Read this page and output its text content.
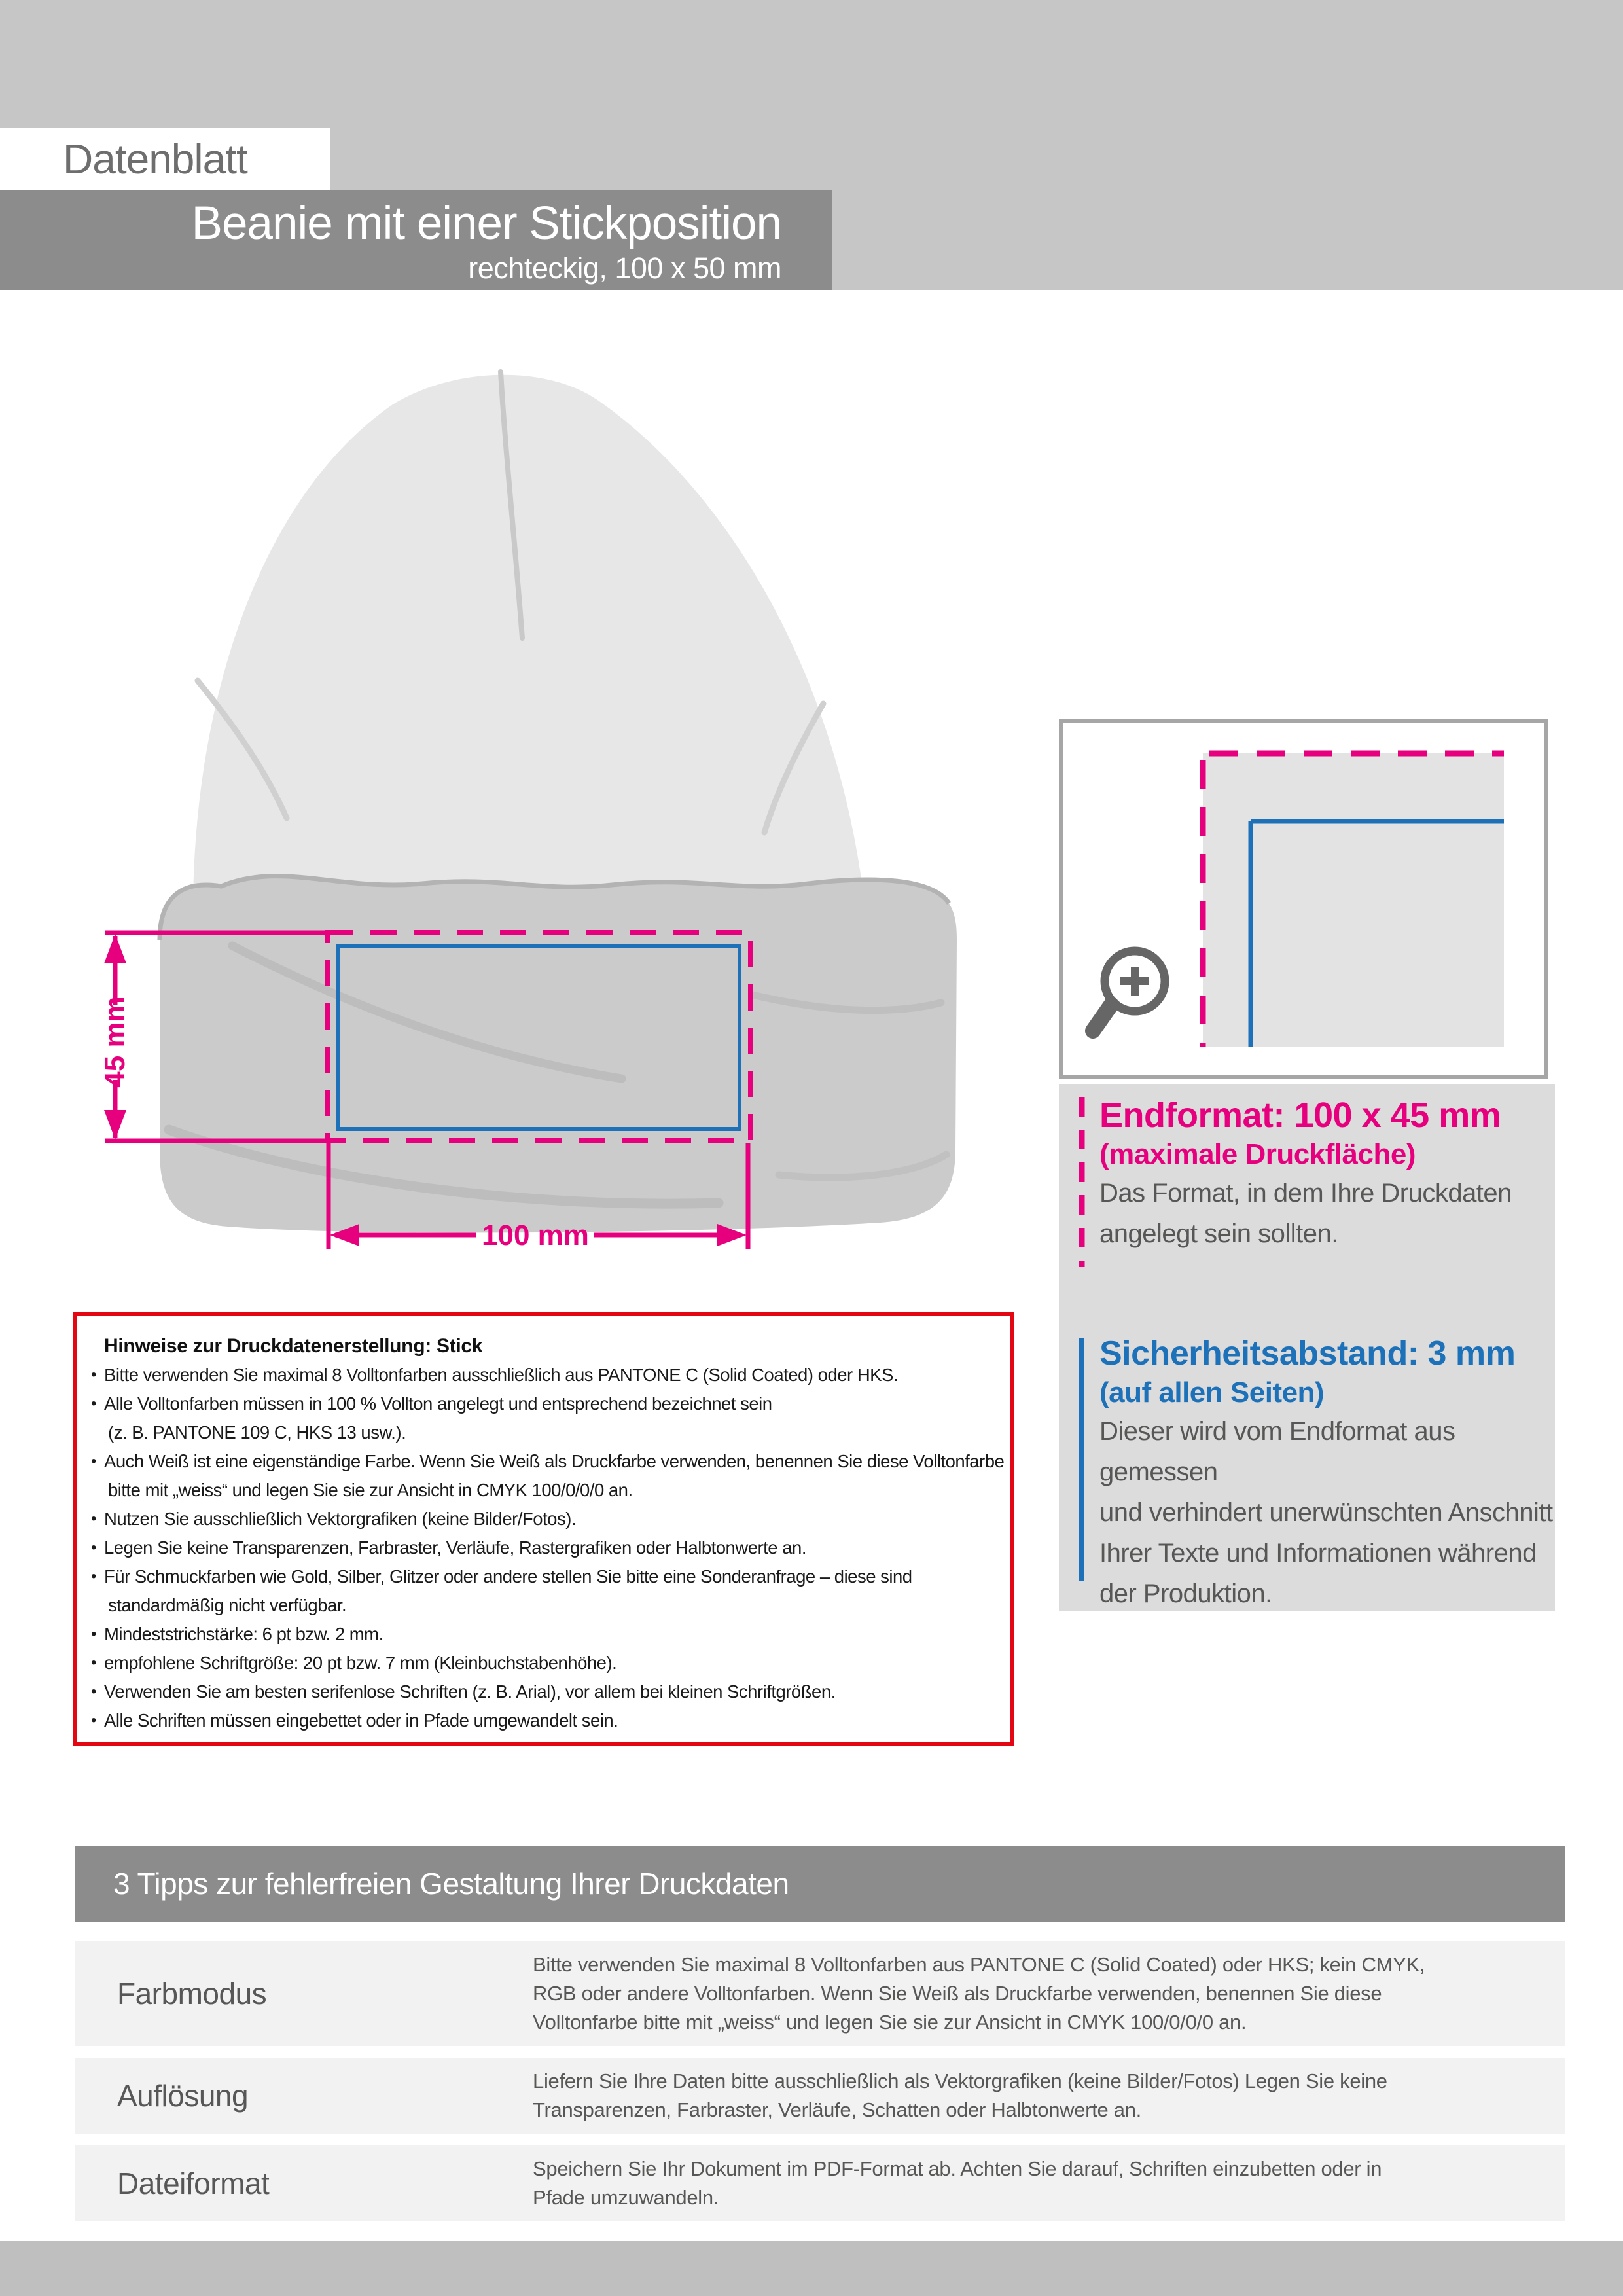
Datenblatt
Beanie mit einer Stickposition
rechteckig, 100 x 50 mm
45 mm
100 mm
Endformat: 100 x 45 mm
(maximale Druckfläche)
Das Format, in dem Ihre Druckdaten
angelegt sein sollten.
Sicherheitsabstand: 3 mm
(auf allen Seiten)
Dieser wird vom Endformat aus gemessen
und verhindert unerwünschten Anschnitt
Ihrer Texte und Informationen während
der Produktion.
Hinweise zur Druckdatenerstellung: Stick
• Bitte verwenden Sie maximal 8 Volltonfarben ausschließlich aus PANTONE C (Solid Coated) oder HKS.
• Alle Volltonfarben müssen in 100 % Vollton angelegt und entsprechend bezeichnet sein
(z. B. PANTONE 109 C, HKS 13 usw.).
• Auch Weiß ist eine eigenständige Farbe. Wenn Sie Weiß als Druckfarbe verwenden, benennen Sie diese Volltonfarbe
bitte mit „weiss“ und legen Sie sie zur Ansicht in CMYK 100/0/0/0 an.
• Nutzen Sie ausschließlich Vektorgrafiken (keine Bilder/Fotos).
• Legen Sie keine Transparenzen, Farbraster, Verläufe, Rastergrafiken oder Halbtonwerte an.
• Für Schmuckfarben wie Gold, Silber, Glitzer oder andere stellen Sie bitte eine Sonderanfrage – diese sind
standardmäßig nicht verfügbar.
• Mindeststrichstärke: 6 pt bzw. 2 mm.
• empfohlene Schriftgröße: 20 pt bzw. 7 mm (Kleinbuchstabenhöhe).
• Verwenden Sie am besten serifenlose Schriften (z. B. Arial), vor allem bei kleinen Schriftgrößen.
• Alle Schriften müssen eingebettet oder in Pfade umgewandelt sein.
3 Tipps zur fehlerfreien Gestaltung Ihrer Druckdaten
Farbmodus
Bitte verwenden Sie maximal 8 Volltonfarben aus PANTONE C (Solid Coated) oder HKS; kein CMYK,
RGB oder andere Volltonfarben. Wenn Sie Weiß als Druckfarbe verwenden, benennen Sie diese
Volltonfarbe bitte mit „weiss“ und legen Sie sie zur Ansicht in CMYK 100/0/0/0 an.
Auflösung	Liefern Sie Ihre Daten bitte ausschließlich als Vektorgrafiken (keine Bilder/Fotos) Legen Sie keine
Transparenzen, Farbraster, Verläufe, Schatten oder Halbtonwerte an.
Dateiformat	Speichern Sie Ihr Dokument im PDF-Format ab. Achten Sie darauf, Schriften einzubetten oder in
Pfade umzuwandeln.
